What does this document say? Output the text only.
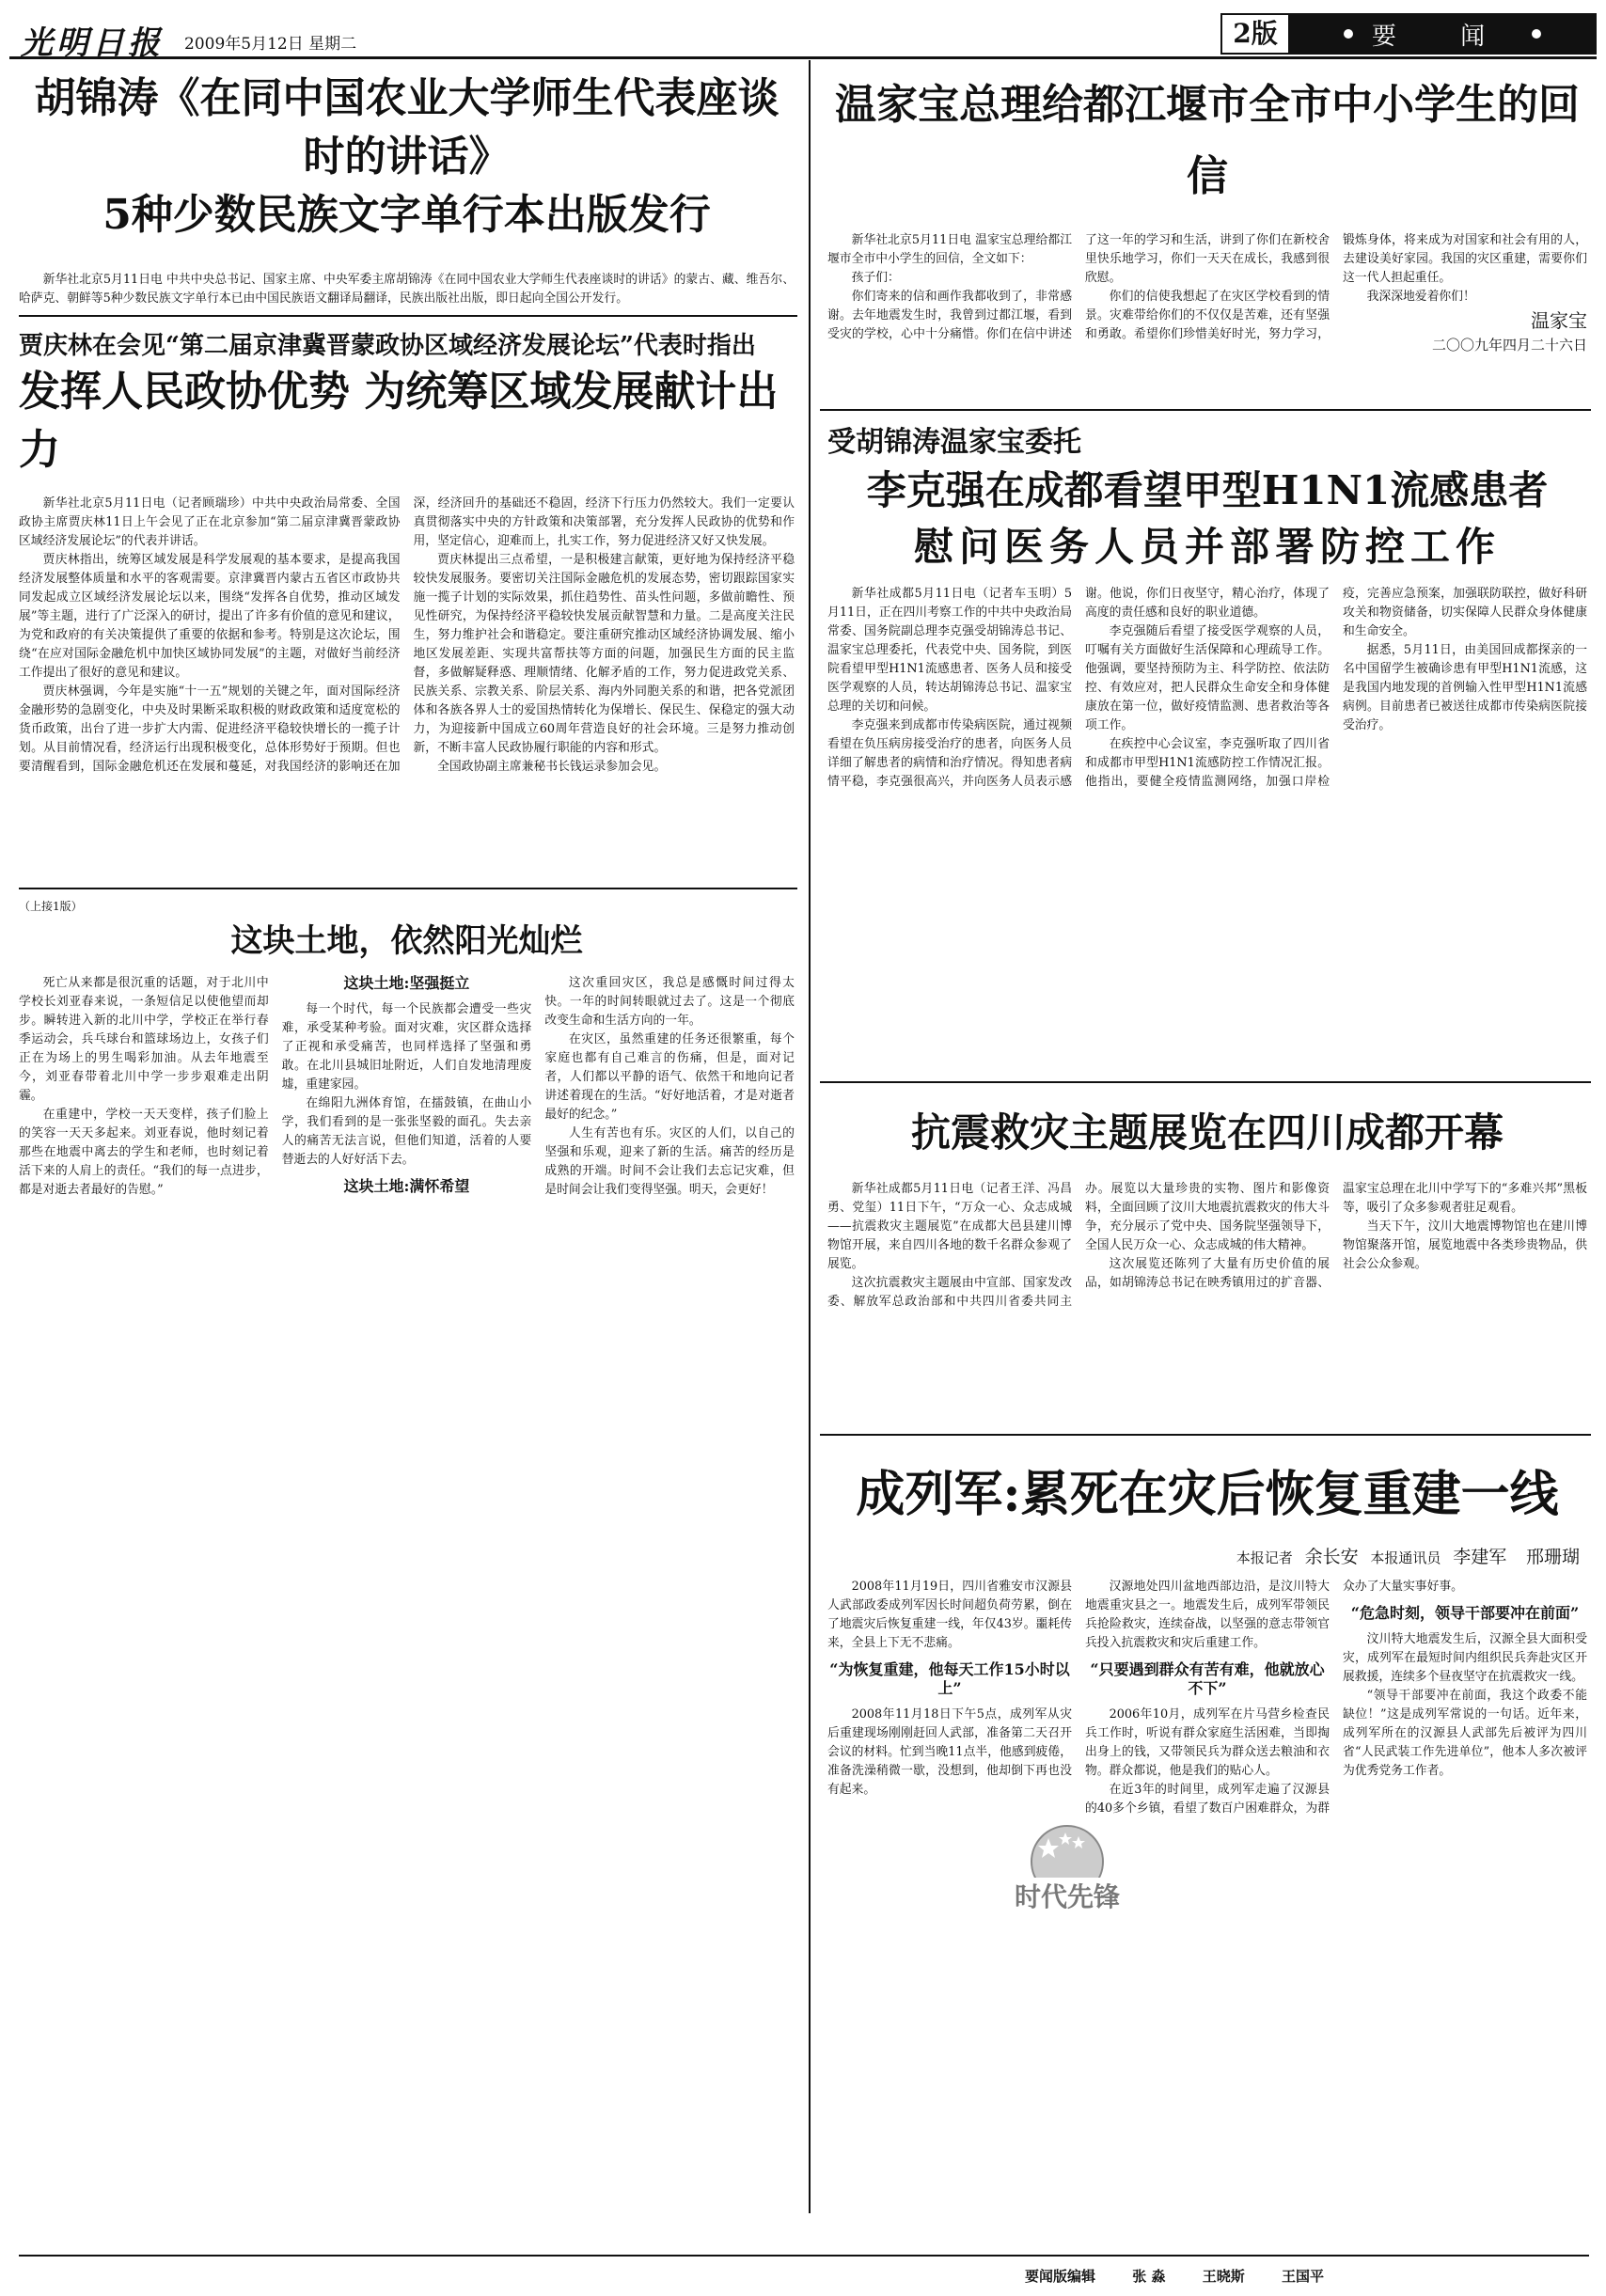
光明日报 2009年5月12日 星期二	2版	要 闻
胡锦涛《在同中国农业大学师生代表座谈时的讲话》
5种少数民族文字单行本出版发行

新华社北京5月11日电 中共中央总书记、国家主席、中央军委主席胡锦涛《在同中国农业大学师生代表座谈时的讲话》的蒙古、藏、维吾尔、哈萨克、朝鲜等5种少数民族文字单行本已由中国民族语文翻译局翻译，民族出版社出版，即日起向全国公开发行。

贾庆林在会见“第二届京津冀晋蒙政协区域经济发展论坛”代表时指出
发挥人民政协优势 为统筹区域发展献计出力

新华社北京5月11日电（记者顾瑞珍）中共中央政治局常委、全国政协主席贾庆林11日上午会见了正在北京参加“第二届京津冀晋蒙政协区域经济发展论坛”的代表并讲话。

贾庆林指出，统筹区域发展是科学发展观的基本要求，是提高我国经济发展整体质量和水平的客观需要。京津冀晋内蒙古五省区市政协共同发起成立区域经济发展论坛以来，围绕“发挥各自优势，推动区域发展”等主题，进行了广泛深入的研讨，提出了许多有价值的意见和建议，为党和政府的有关决策提供了重要的依据和参考。特别是这次论坛，围绕“在应对国际金融危机中加快区域协同发展”的主题，对做好当前经济工作提出了很好的意见和建议。

贾庆林强调，今年是实施“十一五”规划的关键之年，面对国际经济金融形势的急剧变化，中央及时果断采取积极的财政政策和适度宽松的货币政策，出台了进一步扩大内需、促进经济平稳较快增长的一揽子计划。从目前情况看，经济运行出现积极变化，总体形势好于预期。但也要清醒看到，国际金融危机还在发展和蔓延，对我国经济的影响还在加深，经济回升的基础还不稳固，经济下行压力仍然较大。我们一定要认真贯彻落实中央的方针政策和决策部署，充分发挥人民政协的优势和作用，坚定信心，迎难而上，扎实工作，努力促进经济又好又快发展。

贾庆林提出三点希望，一是积极建言献策，更好地为保持经济平稳较快发展服务。要密切关注国际金融危机的发展态势，密切跟踪国家实施一揽子计划的实际效果，抓住趋势性、苗头性问题，多做前瞻性、预见性研究，为保持经济平稳较快发展贡献智慧和力量。二是高度关注民生，努力维护社会和谐稳定。要注重研究推动区域经济协调发展、缩小地区发展差距、实现共富帮扶等方面的问题，加强民生方面的民主监督，多做解疑释惑、理顺情绪、化解矛盾的工作，努力促进政党关系、民族关系、宗教关系、阶层关系、海内外同胞关系的和谐，把各党派团体和各族各界人士的爱国热情转化为保增长、保民生、保稳定的强大动力，为迎接新中国成立60周年营造良好的社会环境。三是努力推动创新，不断丰富人民政协履行职能的内容和形式。

全国政协副主席兼秘书长钱运录参加会见。

（上接1版）
这块土地，依然阳光灿烂

死亡从来都是很沉重的话题，对于北川中学校长刘亚春来说，一条短信足以使他望而却步。瞬转进入新的北川中学，学校正在举行春季运动会，兵乓球台和篮球场边上，女孩子们正在为场上的男生喝彩加油。从去年地震至今，刘亚春带着北川中学一步步艰难走出阴霾。

在重建中，学校一天天变样，孩子们脸上的笑容一天天多起来。刘亚春说，他时刻记着那些在地震中离去的学生和老师，也时刻记着活下来的人肩上的责任。“我们的每一点进步，都是对逝去者最好的告慰。”

这块土地:坚强挺立

每一个时代，每一个民族都会遭受一些灾难，承受某种考验。面对灾难，灾区群众选择了正视和承受痛苦，也同样选择了坚强和勇敢。在北川县城旧址附近，人们自发地清理废墟，重建家园。

在绵阳九洲体育馆，在擂鼓镇，在曲山小学，我们看到的是一张张坚毅的面孔。失去亲人的痛苦无法言说，但他们知道，活着的人要替逝去的人好好活下去。

这块土地:满怀希望

这次重回灾区，我总是感慨时间过得太快。一年的时间转眼就过去了。这是一个彻底改变生命和生活方向的一年。

在灾区，虽然重建的任务还很繁重，每个家庭也都有自己难言的伤痛，但是，面对记者，人们都以平静的语气、依然干和地向记者讲述着现在的生活。“好好地活着，才是对逝者最好的纪念。”

人生有苦也有乐。灾区的人们，以自己的坚强和乐观，迎来了新的生活。痛苦的经历是成熟的开端。时间不会让我们去忘记灾难，但是时间会让我们变得坚强。明天，会更好！

温家宝总理给都江堰市全市中小学生的回信

新华社北京5月11日电 温家宝总理给都江堰市全市中小学生的回信，全文如下：

孩子们：

你们寄来的信和画作我都收到了，非常感谢。去年地震发生时，我曾到过都江堰，看到受灾的学校，心中十分痛惜。你们在信中讲述了这一年的学习和生活，讲到了你们在新校舍里快乐地学习，你们一天天在成长，我感到很欣慰。

你们的信使我想起了在灾区学校看到的情景。灾难带给你们的不仅仅是苦难，还有坚强和勇敢。希望你们珍惜美好时光，努力学习，锻炼身体，将来成为对国家和社会有用的人，去建设美好家园。我国的灾区重建，需要你们这一代人担起重任。

我深深地爱着你们！

温家宝
二〇〇九年四月二十六日
受胡锦涛温家宝委托
李克强在成都看望甲型H1N1流感患者
慰问医务人员并部署防控工作

新华社成都5月11日电（记者车玉明）5月11日，正在四川考察工作的中共中央政治局常委、国务院副总理李克强受胡锦涛总书记、温家宝总理委托，代表党中央、国务院，到医院看望甲型H1N1流感患者、医务人员和接受医学观察的人员，转达胡锦涛总书记、温家宝总理的关切和问候。

李克强来到成都市传染病医院，通过视频看望在负压病房接受治疗的患者，向医务人员详细了解患者的病情和治疗情况。得知患者病情平稳，李克强很高兴，并向医务人员表示感谢。他说，你们日夜坚守，精心治疗，体现了高度的责任感和良好的职业道德。

李克强随后看望了接受医学观察的人员，叮嘱有关方面做好生活保障和心理疏导工作。他强调，要坚持预防为主、科学防控、依法防控、有效应对，把人民群众生命安全和身体健康放在第一位，做好疫情监测、患者救治等各项工作。

在疾控中心会议室，李克强听取了四川省和成都市甲型H1N1流感防控工作情况汇报。他指出，要健全疫情监测网络，加强口岸检疫，完善应急预案，加强联防联控，做好科研攻关和物资储备，切实保障人民群众身体健康和生命安全。

据悉，5月11日，由美国回成都探亲的一名中国留学生被确诊患有甲型H1N1流感，这是我国内地发现的首例输入性甲型H1N1流感病例。目前患者已被送往成都市传染病医院接受治疗。

抗震救灾主题展览在四川成都开幕

新华社成都5月11日电（记者王洋、冯昌勇、党玺）11日下午，“万众一心、众志成城——抗震救灾主题展览”在成都大邑县建川博物馆开展，来自四川各地的数千名群众参观了展览。

这次抗震救灾主题展由中宣部、国家发改委、解放军总政治部和中共四川省委共同主办。展览以大量珍贵的实物、图片和影像资料，全面回顾了汶川大地震抗震救灾的伟大斗争，充分展示了党中央、国务院坚强领导下，全国人民万众一心、众志成城的伟大精神。

这次展览还陈列了大量有历史价值的展品，如胡锦涛总书记在映秀镇用过的扩音器、温家宝总理在北川中学写下的“多难兴邦”黑板等，吸引了众多参观者驻足观看。

当天下午，汶川大地震博物馆也在建川博物馆聚落开馆，展览地震中各类珍贵物品，供社会公众参观。

成列军:累死在灾后恢复重建一线
本报记者 余长安 本报通讯员 李建军 邢珊瑚

2008年11月19日，四川省雅安市汉源县人武部政委成列军因长时间超负荷劳累，倒在了地震灾后恢复重建一线，年仅43岁。噩耗传来，全县上下无不悲痛。

“为恢复重建，他每天工作15小时以上”

2008年11月18日下午5点，成列军从灾后重建现场刚刚赶回人武部，准备第二天召开会议的材料。忙到当晚11点半，他感到疲倦，准备洗澡稍微一歇，没想到，他却倒下再也没有起来。

汉源地处四川盆地西部边沿，是汶川特大地震重灾县之一。地震发生后，成列军带领民兵抢险救灾，连续奋战，以坚强的意志带领官兵投入抗震救灾和灾后重建工作。

“只要遇到群众有苦有难，他就放心不下”

2006年10月，成列军在片马营乡检查民兵工作时，听说有群众家庭生活困难，当即掏出身上的钱，又带领民兵为群众送去粮油和衣物。群众都说，他是我们的贴心人。

在近3年的时间里，成列军走遍了汉源县的40多个乡镇，看望了数百户困难群众，为群众办了大量实事好事。

“危急时刻，领导干部要冲在前面”

汶川特大地震发生后，汉源全县大面积受灾，成列军在最短时间内组织民兵奔赴灾区开展救援，连续多个昼夜坚守在抗震救灾一线。

“领导干部要冲在前面，我这个政委不能缺位！”这是成列军常说的一句话。近年来，成列军所在的汉源县人武部先后被评为四川省“人民武装工作先进单位”，他本人多次被评为优秀党务工作者。

时代先锋
要闻版编辑	张 淼	王晓斯	王国平
